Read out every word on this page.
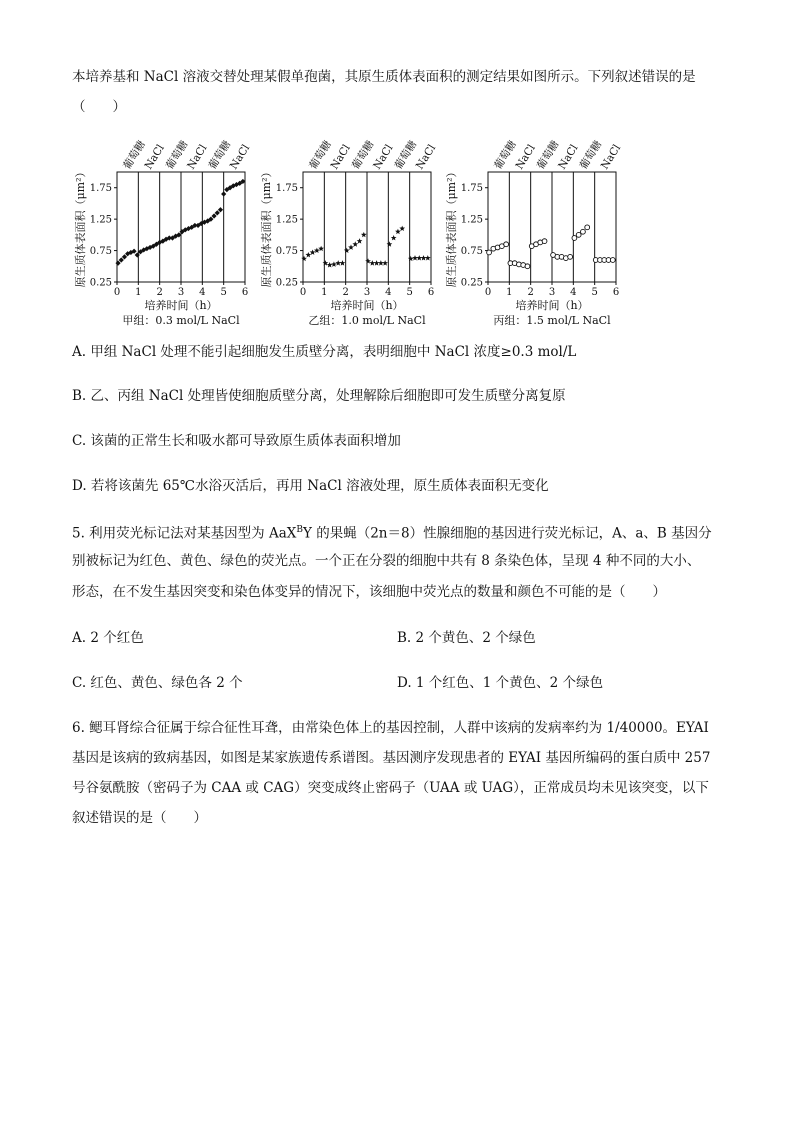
本培养基和 NaCl 溶液交替处理某假单孢菌，其原生质体表面积的测定结果如图所示。下列叙述错误的是
（　　）
葡萄糖
NaCl
葡萄糖
NaCl
葡萄糖
NaCl
0 1 2 3 4 5 6
0.25
0.75
1.25
1.75
原生质体表面积（μm²）
培养时间（h）
甲组：0.3 mol/L NaCl
葡萄糖
NaCl
葡萄糖
NaCl
葡萄糖
NaCl
0 1 2 3 4 5 6
0.25
0.75
1.25
1.75
原生质体表面积（μm²）
培养时间（h）
乙组：1.0 mol/L NaCl
葡萄糖
NaCl
葡萄糖
NaCl
葡萄糖
NaCl
0 1 2 3 4 5 6
0.25
0.75
1.25
1.75
原生质体表面积（μm²）
培养时间（h）
丙组：1.5 mol/L NaCl
A. 甲组 NaCl 处理不能引起细胞发生质壁分离，表明细胞中 NaCl 浓度≥0.3 mol/L
B. 乙、丙组 NaCl 处理皆使细胞质壁分离，处理解除后细胞即可发生质壁分离复原
C. 该菌的正常生长和吸水都可导致原生质体表面积增加
D. 若将该菌先 65℃水浴灭活后，再用 NaCl 溶液处理，原生质体表面积无变化
5. 利用荧光标记法对某基因型为 AaX$^B$Y 的果蝇（2n＝8）性腺细胞的基因进行荧光标记，A、a、B 基因分
别被标记为红色、黄色、绿色的荧光点。一个正在分裂的细胞中共有 8 条染色体，呈现 4 种不同的大小、
形态，在不发生基因突变和染色体变异的情况下，该细胞中荧光点的数量和颜色不可能的是（　　）
A. 2 个红色	B. 2 个黄色、2 个绿色
C. 红色、黄色、绿色各 2 个	D. 1 个红色、1 个黄色、2 个绿色
6. 鳃耳肾综合征属于综合征性耳聋，由常染色体上的基因控制，人群中该病的发病率约为 1/40000。EYAI
基因是该病的致病基因，如图是某家族遗传系谱图。基因测序发现患者的 EYAI 基因所编码的蛋白质中 257
号谷氨酰胺（密码子为 CAA 或 CAG）突变成终止密码子（UAA 或 UAG），正常成员均未见该突变，以下
叙述错误的是（　　）
